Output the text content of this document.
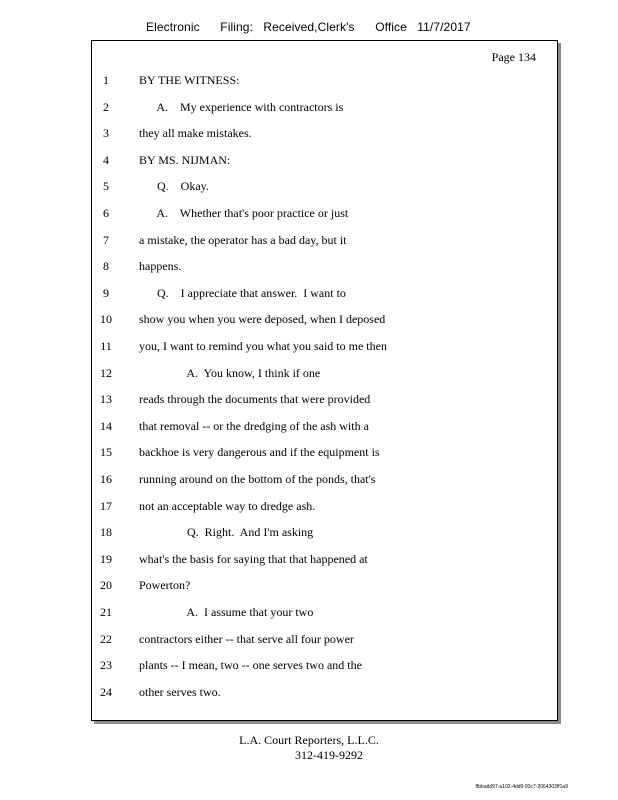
Electronic Filing: Received,Clerk's Office 11/7/2017
Page 134
1	BY THE WITNESS:
2	A.    My experience with contractors is
3	they all make mistakes.
4	BY MS. NIJMAN:
5	Q.    Okay.
6	A.    Whether that's poor practice or just
7	a mistake, the operator has a bad day, but it
8	happens.
9	Q.    I appreciate that answer.  I want to
10	show you when you were deposed, when I deposed
11	you, I want to remind you what you said to me then
12	A.  You know, I think if one
13	reads through the documents that were provided
14	that removal -- or the dredging of the ash with a
15	backhoe is very dangerous and if the equipment is
16	running around on the bottom of the ponds, that's
17	not an acceptable way to dredge ash.
18	Q.  Right.  And I'm asking
19	what's the basis for saying that that happened at
20	Powerton?
21	A.  I assume that your two
22	contractors either -- that serve all four power
23	plants -- I mean, two -- one serves two and the
24	other serves two.
L.A. Court Reporters, L.L.C.
312-419-9292
8bbadd97-a102-4dd9-93c7-2064303ff1a9
